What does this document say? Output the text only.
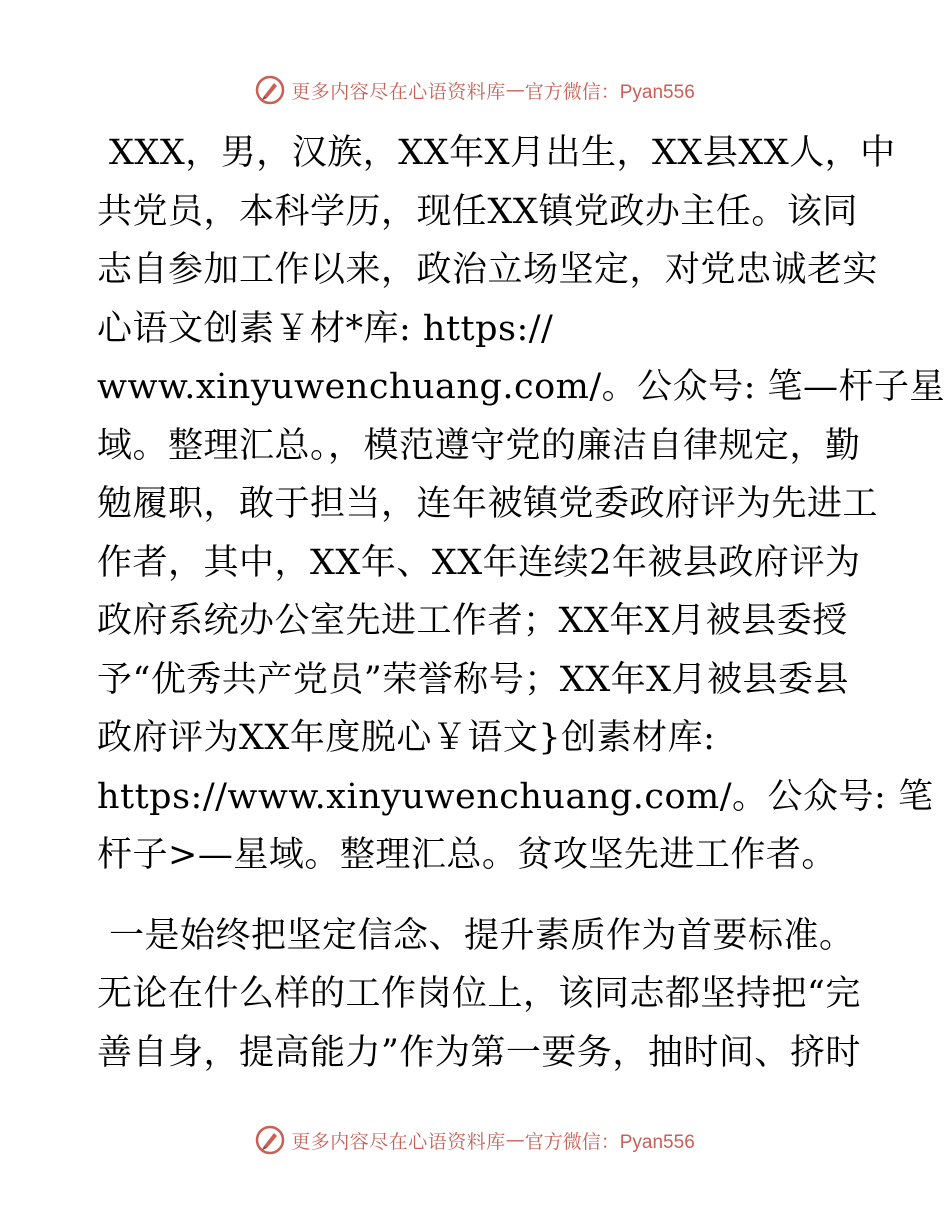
更多内容尽在心语资料库 — 官方微信：Pyan556
XXX，男，汉族，XX年X月出生，XX县XX人，中
共党员，本科学历，现任XX镇党政办主任。该同
志自参加工作以来，政治立场坚定，对党忠诚老实
心语文创素￥材*库: https://
www.xinyuwenchuang.com/。公众号: 笔—杆子星
域。整理汇总。，模范遵守党的廉洁自律规定，勤
勉履职，敢于担当，连年被镇党委政府评为先进工
作者，其中，XX年、XX年连续2年被县政府评为
政府系统办公室先进工作者；XX年X月被县委授
予“优秀共产党员”荣誉称号；XX年X月被县委县
政府评为XX年度脱心￥语文}创素材库:
https://www.xinyuwenchuang.com/。公众号: 笔
杆子>—星域。整理汇总。贫攻坚先进工作者。
一是始终把坚定信念、提升素质作为首要标准。
无论在什么样的工作岗位上，该同志都坚持把“完
善自身，提高能力”作为第一要务，抽时间、挤时
更多内容尽在心语资料库 — 官方微信：Pyan556
